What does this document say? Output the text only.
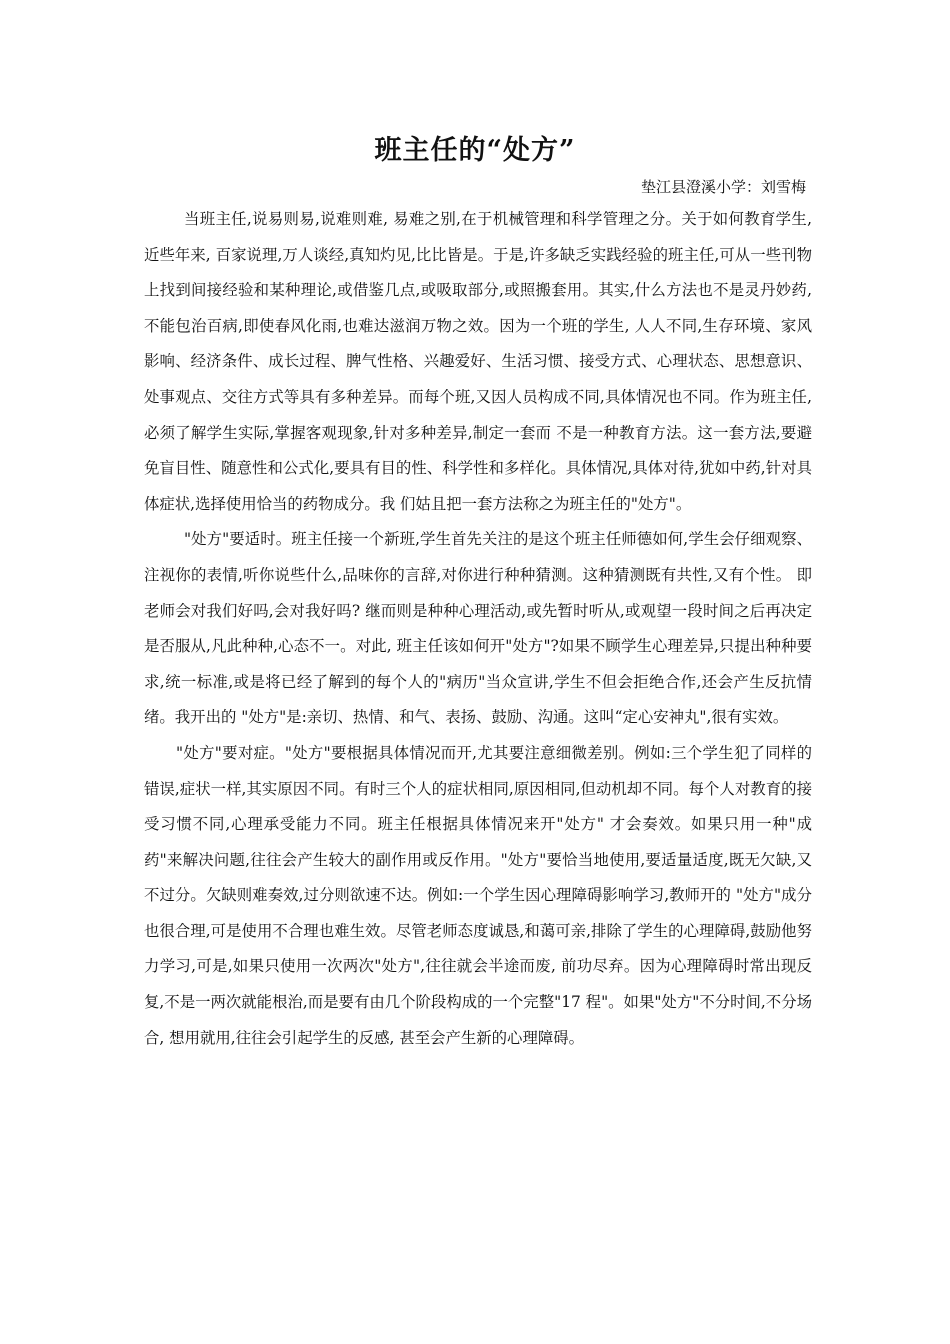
班主任的“处方”
垫江县澄溪小学：刘雪梅

当班主任,说易则易,说难则难, 易难之别,在于机械管理和科学管理之分。关于如何教育学生,近些年来, 百家说理,万人谈经,真知灼见,比比皆是。于是,许多缺乏实践经验的班主任,可从一些刊物上找到间接经验和某种理论,或借鉴几点,或吸取部分,或照搬套用。其实,什么方法也不是灵丹妙药, 不能包治百病,即使春风化雨,也难达滋润万物之效。因为一个班的学生, 人人不同,生存环境、家风影响、经济条件、成长过程、脾气性格、兴趣爱好、生活习惯、接受方式、心理状态、思想意识、处事观点、交往方式等具有多种差异。而每个班,又因人员构成不同,具体情况也不同。作为班主任,必须了解学生实际,掌握客观现象,针对多种差异,制定一套而 不是一种教育方法。这一套方法,要避免盲目性、随意性和公式化,要具有目的性、科学性和多样化。具体情况,具体对待,犹如中药,针对具体症状,选择使用恰当的药物成分。我 们姑且把一套方法称之为班主任的"处方"。

"处方"要适时。班主任接一个新班,学生首先关注的是这个班主任师德如何,学生会仔细观察、注视你的表情,听你说些什么,品味你的言辞,对你进行种种猜测。这种猜测既有共性,又有个性。 即老师会对我们好吗,会对我好吗? 继而则是种种心理活动,或先暂时听从,或观望一段时间之后再决定是否服从,凡此种种,心态不一。对此, 班主任该如何开"处方"?如果不顾学生心理差异,只提出种种要求,统一标准,或是将已经了解到的每个人的"病历"当众宣讲,学生不但会拒绝合作,还会产生反抗情绪。我开出的 "处方"是:亲切、热情、和气、表扬、鼓励、沟通。这叫“定心安神丸",很有实效。

"处方"要对症。"处方"要根据具体情况而开,尤其要注意细微差别。例如:三个学生犯了同样的错误,症状一样,其实原因不同。有时三个人的症状相同,原因相同,但动机却不同。每个人对教育的接受习惯不同,心理承受能力不同。班主任根据具体情况来开"处方" 才会奏效。如果只用一种"成药"来解决问题,往往会产生较大的副作用或反作用。"处方"要恰当地使用,要适量适度,既无欠缺,又不过分。欠缺则难奏效,过分则欲速不达。例如:一个学生因心理障碍影响学习,教师开的 "处方"成分也很合理,可是使用不合理也难生效。尽管老师态度诚恳,和蔼可亲,排除了学生的心理障碍,鼓励他努力学习,可是,如果只使用一次两次"处方",往往就会半途而废, 前功尽弃。因为心理障碍时常出现反复,不是一两次就能根治,而是要有由几个阶段构成的一个完整"17 程"。如果"处方"不分时间,不分场合, 想用就用,往往会引起学生的反感, 甚至会产生新的心理障碍。
